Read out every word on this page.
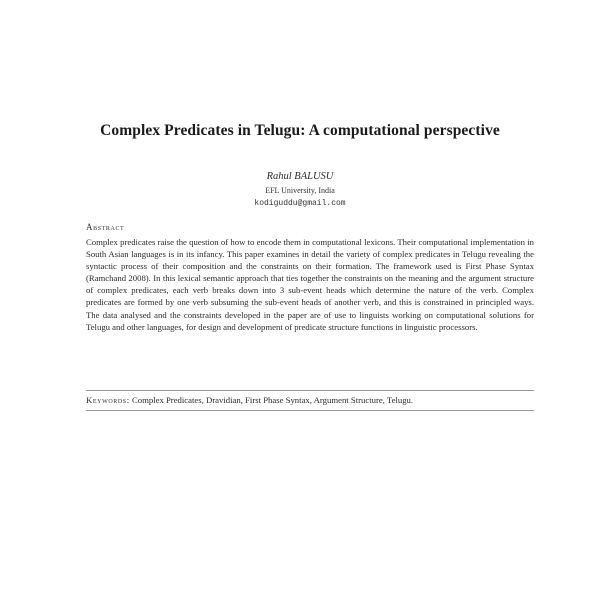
Complex Predicates in Telugu: A computational perspective
Rahul BALUSU
EFL University, India
kodiguddu@gmail.com
Abstract
Complex predicates raise the question of how to encode them in computational lexicons. Their computational implementation in South Asian languages is in its infancy. This paper examines in detail the variety of complex predicates in Telugu revealing the syntactic process of their composition and the constraints on their formation. The framework used is First Phase Syntax (Ramchand 2008). In this lexical semantic approach that ties together the constraints on the meaning and the argument structure of complex predicates, each verb breaks down into 3 sub-event heads which determine the nature of the verb. Complex predicates are formed by one verb subsuming the sub-event heads of another verb, and this is constrained in principled ways. The data analysed and the constraints developed in the paper are of use to linguists working on computational solutions for Telugu and other languages, for design and development of predicate structure functions in linguistic processors.
Keywords: Complex Predicates, Dravidian, First Phase Syntax, Argument Structure, Telugu.
